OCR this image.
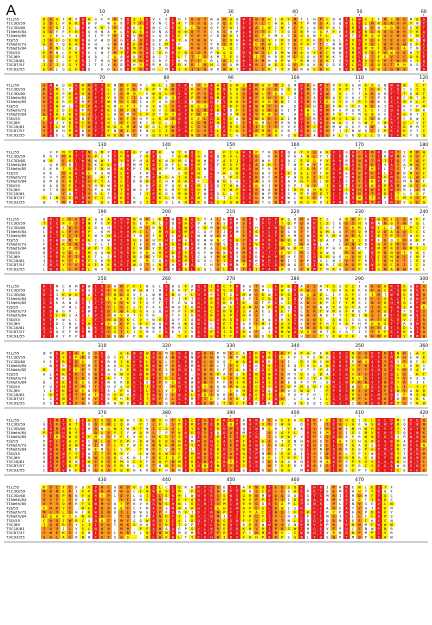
A	10	20	30	40	50	60
T1L/55	D A G T M P Q K G F P P T Q S L E V C F L H T K H T N A M Q Q W Q N Q H I H Y M T L H P C D R I L W C I F N G H G M Q G
T1C3D/59	S D L P H K N W V . W A E V Y Y S V N C W A T Y V D S V Q E S F E F L C W A L N T P N S A S Q W L Y L M R G A V H Y N Y
T1C3D/60	R Y Q I L L A E K K S I C A K Q G N C C E G L C Q A Q F F A I K K A C W C W Y C P L A V V D L T K T L K N Y D R L G D T
T1Neth/84	A G F F F R L Q H N A M L R A E A D N A T N H D Y V C K S H P L N H T E T T D S N P G Q R Y E E H V R G N K G W H T R A
T1Neth/85	L V E L Y A Y S I P F R I K V M E L Q G S C P C K F C D W S I I K D F R M V C D G Q N F L . S K T V M Q V A L M D T M I
T2J/55	I A L Q E N N G V W D A G C A Q C E D A N T A T N Q V . D D R A A C K V F R D W C V K T Y G L A V G Y G F I E V E H S W
T2Neth/73	E S T Q R A N K H . S W A D E M K G E M C F . V K Y Y R S M C N G D P W L P T E P F P T C N M D F Y P Q L Q P K W Q F I
T2Neth/84	L P N L H Q M P N W W F N N M P S S D M F W . P W D N E L Q C F T V W I C C Y G C G C F F W W V G R M M I D R R A T N C
T3D/55	E P N L Y K K E C W T H Y F M H W I G R M C D S Q P P K Q G . M N W G L D M W H A V Y K C R W E M R S S F A W G E W T I
T3C/69	E C S E A T F A A . C A A W Q K K A I I L L T T F G A M T E V R C I Y R R H M L G Q K P N K Y E Q L I T E E V C C Q K E
T3C18/61	E Q I . F A R I T R Q D P Q M H W S R F F E R P I C R L A C G R T S M H Q P W T R N G Q K I S R A A G Q D P F W P S Y A
T3C87/57	I C I E G Y H I T E V K D A H V H R H D F D K D I Q H I R A M I W N L W D D Q E P A K R Q G E Y L H T Q Q G T R H A S C
T3C93/55	E Y L G S F E D . K D L E D Y A D H . M A I A I E R W R W W T Y D L I R T Y R G M H S D H . D V A R N I W I G N V . R A
70	80	90	100	110	120
T1L/55	G N W Q V G M M R T D M N F H P L N L S D G K V V T A H V S M S S M A H M I Q M D R K M T P F E G N K V G N W A W . C T
T1C3D/59	D S M C Y C V G A Q L E Q V D Y K P V K M L S R R T V M N I D A P K H C E G D G P M D D G S R P I T I C K V I H C S Y S
T1C3D/60	E R V P K N G Q I S C C G M M . E W Q L P S W P P V E S Y S S Q C W L P Q S . M Y P F G W . H L Y T A R Q H F T T D D T
T1Neth/84	V R Q F Y W L H P D Y H V C I A W S M K H F Y P M W M M P G V K W F G H I D C I S S A Y E A E G A Y T Y P E I D C R T D
T1Neth/85	H V Q R Y R M F H P W M S S D I A F A D V C D Y R H G F Y H D V W R V M N N T S S M R I E G Y D Y P C N K G Y L M H L Y
T2J/55	T C N W L Y Y P A V G M H T T Y H V H L V V K Q G I T C R D P D W W N Y I N . D C G H G Q P R V T K N E A I M I K T P M
T2Neth/73	V W I D I D P Y V G K G N Y A L F V V C W Y V N L N V R Y D F C D Q G M Q V I P A W L M M F A P Q R L C T S Q H C Y H R
T2Neth/84	Q E R I K N S I L R L A G M Y I P D T D V W Y F N A P T W A M Q D Y R W I M . A D Q E Y N F E T T M G N S C L M G D T I
T3D/55	P T P D D Q N F P P Q L Q F R H P L K N S N P C E L G A K I A K W W K K C A I M H C R G N M V I G E C Q N P L P F R W I
T3C/69	L G I Y Q M C E Q Q S C S C V E C E C L I E D G S M H H S A C S M N M L P R R H T K S W S W A G E G W P C N R I Q . V F
T3C18/61	W T L W F S T W C S W A A M W W E D L E W C V C S D E Y E R K G T I E Y E Y V E Y M C D D M W Q G F V W . N V Y D M M T
T3C87/57	Y I H H P N D G P T F N W I E E N G I I W P A E L V I L A T A Y K E M E Q S R T Q K G A H T I I N W Q C E P K G K V T C
T3C93/55	A Q E L W D M H T E H K N W Y Y G Q V H Q S L N D W P C M C G V H R Y W G F Q G R Q A S G A L G R D L L D E S F K Y Q Q
130	140	150	160	170	180
T1L/55	. V P M Y T T N G M P I G T G Y W P K . W Y R Q C . R . F I G W N P T R E D Q K Y V G K K V C G H C C M K V H T I M P W
T1C3D/59	R H F M W T C E P C T Y F M . Y K E S . Y Q N V G V N Q R V L R E E . K K F V K A W L Y Y I D E N Q R T I R W N K D S Y
T1C3D/60	W H . E K L W M W W F T Y H P H A K K W V M S K N W G F A E I T I F W R T G A C E G D P V R N R Q N N T M I T Q F F A F
T1Neth/84	. Q R F D T I D K K L K C H M M Y D T N F L W R P F C F R G F E L A D H I A T W P W Y F H P I R S S A K C V A Y A W A Y
T1Neth/85	S K R T G D F D I N W Q A K P C M N H P P H D F Q W S . P G R H R W Y K M P . Q I Q R Y E Q D S G R T H F L G C T V P P
T2J/55	A R . N V D W C F A N T L K . F M L H . . G D W H . L Y R C D E G H H V F L F D E L Y T D D M E Q V R F F L T W D M G I
T2Neth/73	V V T P E I G E . H T V S D T D M F W C A I A L G V C . E P C F K R R C M A Y W Q E I I V Q A Y M E C S A F M G H L W I
T2Neth/84	Q M D F H E A H T T A E L C D N W S I H R R R V F . L W H E G V S A S V V E A P H T Y L N F L C P T L K F P K L M N N F
T3D/55	K A Q S F L N Y H R W H H D . G K P G P Q V N C M I S G T H N G A N R I M V S P F Q Y . I W H T K Y R H A P A M W G S V
T3C/69	K T H D P N C Y P A M F T M W S P C R K M F D S G M G . V W P W D S N Q K S I R H Q M R C V H C W H K W E E W V R L A M
T3C18/61	. G . Y A T I V R L F G C D . I I P K D L M N T T W S S L L I I Q D W P M Y C K P P G D T I F R R Q V T H D L T L V G Y
T3C87/57	V I N G E M M K Y I H M K G G . L V K L M G A A N S W I T I V E E L W M S M W L W S R P Y I C E M W S T A P I C M V Y P
T3C93/55	W . T M R C M D . Q E F D H N S I C Y Q L A H K R Q Q I A Q W A F N T G R D R Q K I P D I P M S T M W Y D I M G V S E Q
190	200	210	220	230	240
T1L/55	Q H I C C F G A Q K A M H H N N P L E V W S A G C Y A L H A R Q E Y A H V W Q H M A H I G . A N D F T T W E I L Q W F P
T1C3D/59	T E E F V I P N F E P V Y P D E P F L S Q N H C V H T K S P P S H . P V T T Q P Q A R C S C E E I H G M A N G Y W T Q L
T1C3D/60	K Q V E A E I A D Q H Y S V G M V R N I I S W F Y Q M W G M G T Y H C A W V D Y S K D G H T P L H R L M I L C D T P C F
T1Neth/84	L D D L P H N P . K M C H H M I L . M N G Y M A C G F E I Y M C R S V C D D C K Y F E Q M A A Y Y Q M E D D A A Q T C S
T1Neth/85	A I T Y S I P E W V H N C D Y N S F H Y I W L L N N W A R N . E P N Y D F A H M L W K H R M H A E A C E K T P T F W H L
T2J/55	L D W N M M H E C V W V I N G E K H T H I W G L K W W N C E G Y S P V M G N R K F S W Q A F S M Q S D P F E Q I M K R P
T2Neth/73	F I H R S N G Y Y L I F C V I E S M Q K G H F M Y W R G V C D Y P V R Q S C S C N A W L A . L A N V D V H F E P D H I A
T2Neth/84	W G C S P T W W P Y E A F D F W D F D F C M G A K D A L G V A A W E Y P F W W D M I I F P H V K E R T K M P R F N M V .
T3D/55	D F M Q A G I M Q A N E M R D V K A H P D D Y E G F W K N W D M H E Y T T F V C R I L Q W A . R D W . N R D N A T G A S
T3C/69	Y P E R P T N D T L S M E I N A N Y Y M R D R I C A Y M W Q Y D E D M H M H H F F C G D H Q E H A N I C I G M W S E M P
T3C18/61	I G V K T S K F G K S Y I V W . M C A R S H P T G G L E T C W Q W R N P I N I I N P V V L N C V F F R T T Q H L T I E Q
T3C87/57	C N V Y Y V R Q F N K N R I W D T L N E H Y P A . C H V Y M M F E C H C D H N Q I S I W R I G N Q P H W G A C K I I C A
T3C93/55	L W H L I P P L W V S G A F C F C F R Q V S Q L G Q L G L C V T Q I T A I P Q E F W M T M K A V V F V T S M A W W P K L
250	260	270	280	290	300
T1L/55	H C M C R M A W I K S K W Y F I N E L Q R E F A Q D I G C T N R G T H . E K D I A S S M Y G G V I I A K D H R V E G H G
T1C3D/59	G S G I I F N S I A P H I G W H N I H T Q R T P V R C M V S C Y P K M L T W D P P K C M Y S R K K K G P Q C K S N Q G T
T1C3D/60	H G I K W K V A L M T N K G V F L W M D N H Y L H D P G T S K M W G K W S H G V N G A D L I F G F C Y I M T W M E M N H
T1Neth/84	L S H F D . Q . C L I H K E Y G C E N G C I P T S Y E Q E F K E F I C Q V N I Q V F L V M F T N K E K C C G S C T Q N Y
T1Neth/85	V N E A W G V T Y F T S V K D F Q F F T F E W D Q P S Q K H I K . Q F P K L S C K W C K P I F Y M S I N V D H M Q L P W
T2J/55	K M . P M L S R Q L T L G I S F P F E A M Q I K M L V Y W I Y Q M H R P R W Q I S P N N R Y K D T A V I A V E N S M H K
T2Neth/73	E D W G P . K W F G D F W F Q G A S Q H V P Y R M A C V H R I S R A E S N E T Y L E R T W M K F M E T G H G T G Y E V S
T2Neth/84	F G L N S A G L V C V H V H T F V K . Q T F I H H S R Y S P C H R S Y . V P L R W W V N E T Y I H I W S L W F V N H Q S
T3D/55	R F F W L C G . Y T H Q K K C V Y W V T A F C A W S L A R G N L Y I H A A R K I H S N E . A N C S G G P T A S R V C I R
T3C/69	A I D C N L P K L W Y Y D P L E C N A K M S W D N R L V E T K A E Y M I E A G Y L K D F H T V A P H P H N S T F R Q M V
T3C18/61	Q L L T P W L D K C H S C L N N M W M L M M I G Y A G R K K M Q W T A A H M N L W R N R N Q . V Y V M H E D F S D L Y N
T3C87/57	I H Q E F M P M P I S S T C I C M E Y K K Y C V Q R P Q I S D D A F . I R N W A V D V H T D C G T I Y Y N F E L K Q I A
T3C93/55	D I R Y P P M . E L W N A F P N A . R G . Y H R A Y H F T T L A H E D S E V I L H I L T V F W Y K . W N M H I Q V M M W
310	320	330	340	350	360
T1L/55	W P E K C A K Q S E . . E E W G W S A M E H F G V K H P M E C A S K T T L K T A P A D K K V Q S N G G D P R I N R L A I
T1C3D/59	. W L Y Q P K D W Y D I H T S H L A A A N Q W N P D G N Y R M H D E M G I F F F C V E K H Q K D E E V P F V M P H E W K
T1C3D/60	V I P R V Q V . T D R H I K K K L C A L Y L E R L L Q S Q T W A W N M R I V I . D S N S H Q A R P W V A K Y G Y F D F L
T1Neth/84	. W E P L D Y M G S A A S A F R R W W P G N V M W C N L T F G T K G H V Y I E Q T H L A Q R N E T F K I E P Q Y S D N S
T1Neth/85	M . G N P C P Y I V A C R E M L M R P S R M D L M V R C F T A A Q C Q C Q I . N V T P Y A E S M V F T G H G C Y N P A P
T2J/55	A L H K F R I D W Q G H W V S N M R I Y S L P . R D K P A G S K E N Y W P G M V G V S D A E C E V I G I T I Q L Q . R T
T2Neth/73	. R Q K L I H C N A A T T C F Y S T V E L W A A E Q G P S V N R Q C D K D R H K F C V A F L C H K V E T Y I G Y V F S A
T2Neth/84	Q . W E W E S G P S N K R D G L S P P K S Q K W W N Y F F A I R H H H I E W E Q P T M . D M C W P R N V I W Q Y R C I I
T3D/55	F G E H H F P T T C H V Q V V L I E V . Y M G D A Y A K N P N A I C H T D E D P M Q Q F A H K C W L V G A R L L I . Y Y
T3C/69	I E G K V A V D F T S L P G G F L L L V Y T V N G E S S . I K H I R G Q W M V E W Q T . P P D S M I V D V F E W Y A N D
T3C18/61	L D H C V Y P A F K R S D V K I T A R V I W E L Q D I D K P L R N C N T S L P S P F H . F T S L P L R L M T D C F M S N
T3C87/57	L S K N N T Q K Y E E R H E F E T W P E L S R M T T K Y A V D V F F F I W G . L C A F L L G V R M P L L M Q F K R V D K
T3C93/55	G S N Y H P H E T S K N W D G K S L Q Q H Y T E Y R N L T E C F A F G R D I . Q E E Q I C H I L I R N D R R P Y V Y R H
370	380	390	400	410	420
T1L/55	. L M I Q I E D L S S K W D C A C N V D T V L C F G T F R I A A N N K K A E E R C N R F E E I H Q I I L H C D M Y D Q Q
T1C3D/59	G S F Y H T S Q D Y N L Q H . Y I L F S S P E R Y P Q M L G P H A F V Y C W H . D G T . T E A L A E W S N W P K Q F W N
T1C3D/60	A A R M H L G H D N Q N I W R T N I I S V L I Y G N L R H P I Q S W M S R T Y K A C V Y H E W E N H W H K V F Y V A Y R
T1Neth/84	P W D H N P A . D Q V Y I Y W A M L T P P N N E G Y V Q D A Q M H C . A V A F L . R H E M Y G I S S M V K H E T Q L N K
T1Neth/85	F F H R W Q V F M V R F F E V H L H K G C S V V I G F E I T G T P N . I S H W F V Y P C Q R E E P R W N F K G V P W Q Q
T2J/55	P K L C A F R C D L Q V D P F Q W K E D G H F M M Q H S A C M F Q F G A G T Q N H N H Q F F H F C H G D E G W P A H F G
T2Neth/73	D T F V Q N M A I M T L T P W F H W N E M H D Y A V G C Y R R D H W I H R A Y Y V E G D E L T T H A Q S D I S R N F E N
T2Neth/84	P D G Y N D Y H E N L L S Y . T N T I V H Y Y L L E E H H I D W A W C C I C A G G L Y N W Q M K E Q P G P M F R Y K D Y
T3D/55	R D G W T Y G A T T F N V Y . L W K K W G C T M M A R T A A A Q T P M R I E D Q I S Y T D V E L Y P C W G R W T T H H M
T3C/69	G S N F V P T N W I S D G K H I P D K I D F K C M F Y V Q E L Y N E Q P L T K F I G T Q D D K G M R S R S F D A W Q H V
T3C18/61	K I V P R N P K C R V D M G C S F E Q P N M I K L D A L N Y E P E W G Q R A A H H D P M A H P F P T S S S S A N G R T L
T3C87/57	L V F Y D P G Q F A A S M R L E E T W N F H Y I H N I N H Y V C G S . W T G E R Y N A E S I G E P D C G K G A W D G H I
T3C93/55	C G I V R F H V G D A P Q R K K R Q F H R M I R E L R T T S P G G S K G G Q G . M H C . N C M L S P Y S C C T C E Y E D
430	440	450	460	470
T1L/55	P D L T E P Q V V H C G K D V D R S L C I Q R R M Y Q Q E I L A P W D T E Q S D V . H R I M W R E N L E S T F
T1C3D/59	N R M E P I F P R R N P A S C I W W A V D M . F K F R R R P P M H S I P L E S A E P K T S E M E H H Y Y W Q F
T1C3D/60	T N K P N N Y A R Y P L D Y L Q I L L E N M I W H H R S S W V G H N M W D D D K G S T S M N I A M Q M F F Q C
T1Neth/84	K Y F L Y D G P F G G . Y I A M C N M F F E Y Q Q R S F P S D R V P P S P I I R Q A A V A M V G A D T Y K K C
T1Neth/85	V P V Q H R T G W M G Q Y P K V H G N S H N I K L N I I M L W E H G D N S A P L P I N R . P L F N V G E V L N
T2J/55	C H P Y Y . M E F D D A E F C T M A V S M W A K H I C E H L M A P C S L D W L S R . C C A R E A T V G T K H M
T2Neth/73	M L Y L S H F R W E N K I L N W S V P F D M V I D C N W P F I V Y A C C W Q C F G K R C P Y P A K R P D A F Y
T2Neth/84	L Q K Y Y E W A G D Y . Y Q S P P F N D Y I L R G C W M I T C T M C T S Y L H Q L F I F M S I C L L I C A P S
T3D/55	C H V I W R C V Q Q T K M Y G D W H G I S A L D Q H Y N G G H F F V C I H T N L E G G P Q D M Y E S I K Y C N
T3C/69	T A D R F Y L I I V K T W K S D D Q Y R I T D P T A L R K Q C D D E W W W V V N K M V D P K . K N N M F W W W
T3C18/61	I Q V I L V S L N A A . M H . P F A W A A G P G V L N R E S R K M V H I P K S W T H G E V F P H C S N W P N R
T3C87/57	C W E K G S E N I D Q L K R Y L N T W N R M Q M S N P F R A V F C N M N N V . C W H H C V R N R N F M P C V R
T3C93/55	G A L A C R N N T K T S G S . . N L H K W L T Y C S H W I R S Y D H P A R P S S N L T H S Q P T M Q P K S H W
